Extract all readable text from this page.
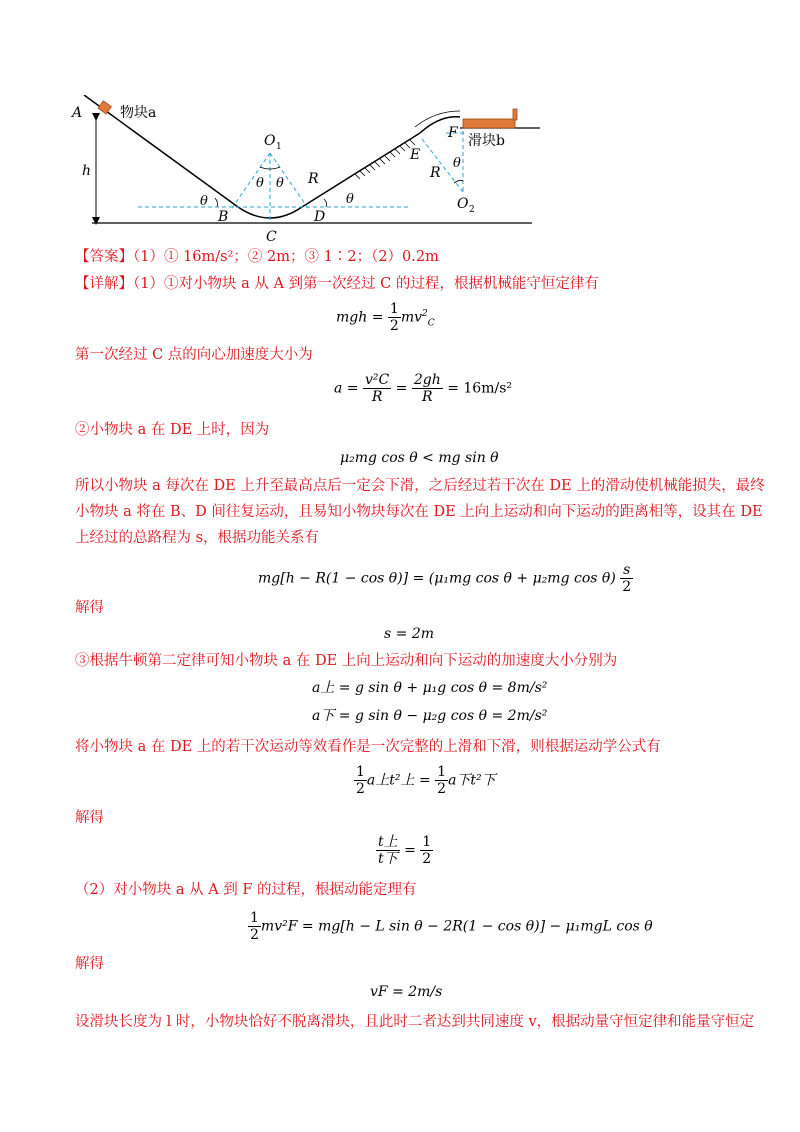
A	物块a
h
O 1
θ θ R
θ	θ
B
C
D
E
F 滑块b
θ
R
O 2
【答案】（1）① 16m/s²；② 2m；③ 1∶2；（2）0.2m
【详解】（1）①对小物块 a 从 A 到第一次经过 C 的过程，根据机械能守恒定律有
mgh = $\frac{1}{2} mv^2_C$
第一次经过 C 点的向心加速度大小为
$a = \frac{\text{v²C}}{R} = \frac{2gh}{R} = 16m/s^2$
②小物块 a 在 DE 上时，因为
μ₂mg cos θ < mg sin θ
所以小物块 a 每次在 DE 上升至最高点后一定会下滑，之后经过若干次在 DE 上的滑动使机械能损失，最终
小物块 a 将在 B、D 间往复运动，且易知小物块每次在 DE 上向上运动和向下运动的距离相等，设其在 DE
上经过的总路程为 s，根据功能关系有
mg[h − R(1 − cos θ)] = (μ₁mg cos θ + μ₂mg $\cos \theta) \frac{s}{2}$
解得
s = 2m
③根据牛顿第二定律可知小物块 a 在 DE 上向上运动和向下运动的加速度大小分别为
a上 = g sin θ + μ₁g cos θ = 8m/s²
a下 = g sin θ − μ₂g cos θ = 2m/s²
将小物块 a 在 DE 上的若干次运动等效看作是一次完整的上滑和下滑，则根据运动学公式有
$\frac{1}{2}$ a上t²上 = $\frac{1}{2}$ a下t²下
解得
$\frac{\text{t上}}{\text{t下}} = \frac{1}{2}$
（2）对小物块 a 从 A 到 F 的过程，根据动能定理有
$\frac{1}{2} mv^2F = mg[h - L$ sin θ − 2R(1 − cos θ)] − μ₁mgL cos θ
解得
vF = 2m/s
设滑块长度为 l 时，小物块恰好不脱离滑块，且此时二者达到共同速度 v，根据动量守恒定律和能量守恒定
